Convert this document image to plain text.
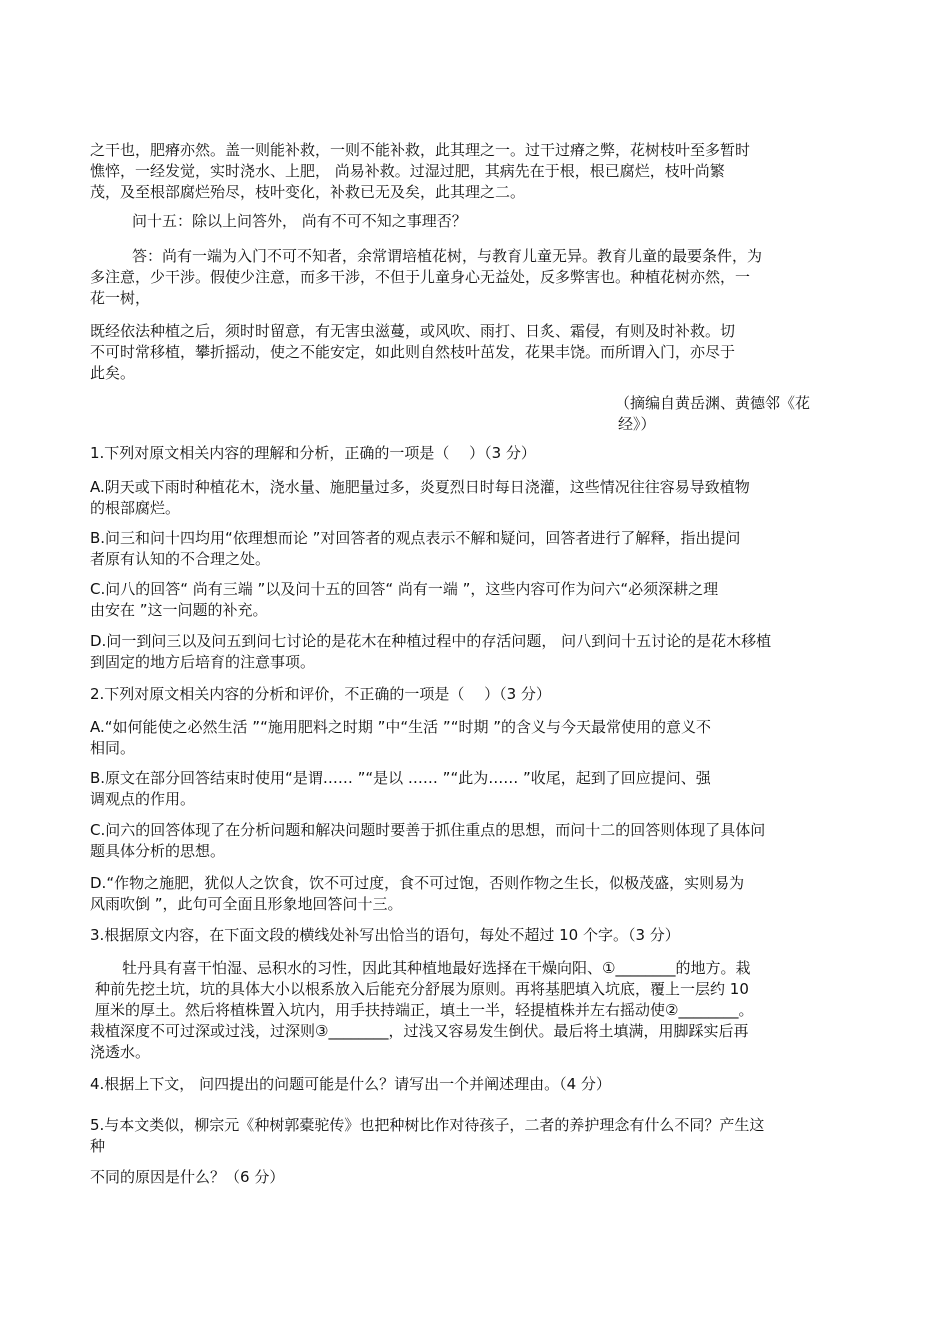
之干也，肥瘠亦然。盖一则能补救，一则不能补救，此其理之一。过干过瘠之弊，花树枝叶至多暂时
憔悴，一经发觉，实时浇水、上肥， 尚易补救。过湿过肥，其病先在于根，根已腐烂，枝叶尚繁
茂，及至根部腐烂殆尽，枝叶变化，补救已无及矣，此其理之二。
问十五：除以上问答外， 尚有不可不知之事理否？
答：尚有一端为入门不可不知者，余常谓培植花树，与教育儿童无异。教育儿童的最要条件，为
多注意，少干涉。假使少注意，而多干涉，不但于儿童身心无益处，反多弊害也。种植花树亦然，一
花一树，
既经依法种植之后，须时时留意，有无害虫滋蔓，或风吹、雨打、日炙、霜侵，有则及时补救。切
不可时常移植，攀折摇动，使之不能安定，如此则自然枝叶茁发，花果丰饶。而所谓入门，亦尽于
此矣。
（摘编自黄岳渊、黄德邻《花
经》）
1.下列对原文相关内容的理解和分析，正确的一项是（　 ）（3 分）
A.阴天或下雨时种植花木，浇水量、施肥量过多，炎夏烈日时每日浇灌，这些情况往往容易导致植物
的根部腐烂。
B.问三和问十四均用“依理想而论 ”对回答者的观点表示不解和疑问，回答者进行了解释，指出提问
者原有认知的不合理之处。
C.问八的回答“ 尚有三端 ”以及问十五的回答“ 尚有一端 ”，这些内容可作为问六“必须深耕之理
由安在 ”这一问题的补充。
D.问一到问三以及问五到问七讨论的是花木在种植过程中的存活问题， 问八到问十五讨论的是花木移植
到固定的地方后培育的注意事项。
2.下列对原文相关内容的分析和评价，不正确的一项是（　 ）（3 分）
A.“如何能使之必然生活 ”“施用肥料之时期 ”中“生活 ”“时期 ”的含义与今天最常使用的意义不
相同。
B.原文在部分回答结束时使用“是谓…… ”“是以 …… ”“此为…… ”收尾，起到了回应提问、强
调观点的作用。
C.问六的回答体现了在分析问题和解决问题时要善于抓住重点的思想，而问十二的回答则体现了具体问
题具体分析的思想。
D.“作物之施肥，犹似人之饮食，饮不可过度，食不可过饱，否则作物之生长，似极茂盛，实则易为
风雨吹倒 ”，此句可全面且形象地回答问十三。
3.根据原文内容，在下面文段的横线处补写出恰当的语句，每处不超过 10 个字。（3 分）
牡丹具有喜干怕湿、忌积水的习性，因此其种植地最好选择在干燥向阳、①________的地方。栽
种前先挖土坑，坑的具体大小以根系放入后能充分舒展为原则。再将基肥填入坑底，覆上一层约 10
厘米的厚土。然后将植株置入坑内，用手扶持端正，填土一半，轻提植株并左右摇动使②________。
栽植深度不可过深或过浅，过深则③________，过浅又容易发生倒伏。最后将土填满，用脚踩实后再
浇透水。
4.根据上下文， 问四提出的问题可能是什么？请写出一个并阐述理由。（4 分）
5.与本文类似，柳宗元《种树郭橐驼传》也把种树比作对待孩子，二者的养护理念有什么不同？产生这
种
不同的原因是什么？（6 分）
